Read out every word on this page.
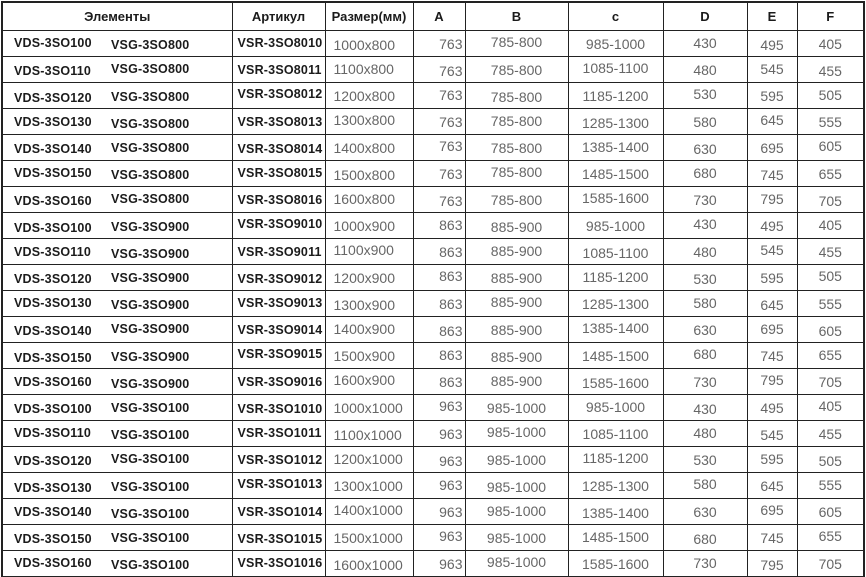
Элементы	Артикул	Размер(мм)	A	B	c	D	E	F
VDS-3SO100 VSG-3SO800	VSR-3SO8010	1000x800	763	785-800	985-1000	430	495	405
VDS-3SO110 VSG-3SO800	VSR-3SO8011	1100x800	763	785-800	1085-1100	480	545	455
VDS-3SO120 VSG-3SO800	VSR-3SO8012	1200x800	763	785-800	1185-1200	530	595	505
VDS-3SO130 VSG-3SO800	VSR-3SO8013	1300x800	763	785-800	1285-1300	580	645	555
VDS-3SO140 VSG-3SO800	VSR-3SO8014	1400x800	763	785-800	1385-1400	630	695	605
VDS-3SO150 VSG-3SO800	VSR-3SO8015	1500x800	763	785-800	1485-1500	680	745	655
VDS-3SO160 VSG-3SO800	VSR-3SO8016	1600x800	763	785-800	1585-1600	730	795	705
VDS-3SO100 VSG-3SO900	VSR-3SO9010	1000x900	863	885-900	985-1000	430	495	405
VDS-3SO110 VSG-3SO900	VSR-3SO9011	1100x900	863	885-900	1085-1100	480	545	455
VDS-3SO120 VSG-3SO900	VSR-3SO9012	1200x900	863	885-900	1185-1200	530	595	505
VDS-3SO130 VSG-3SO900	VSR-3SO9013	1300x900	863	885-900	1285-1300	580	645	555
VDS-3SO140 VSG-3SO900	VSR-3SO9014	1400x900	863	885-900	1385-1400	630	695	605
VDS-3SO150 VSG-3SO900	VSR-3SO9015	1500x900	863	885-900	1485-1500	680	745	655
VDS-3SO160 VSG-3SO900	VSR-3SO9016	1600x900	863	885-900	1585-1600	730	795	705
VDS-3SO100 VSG-3SO100	VSR-3SO1010	1000x1000	963	985-1000	985-1000	430	495	405
VDS-3SO110 VSG-3SO100	VSR-3SO1011	1100x1000	963	985-1000	1085-1100	480	545	455
VDS-3SO120 VSG-3SO100	VSR-3SO1012	1200x1000	963	985-1000	1185-1200	530	595	505
VDS-3SO130 VSG-3SO100	VSR-3SO1013	1300x1000	963	985-1000	1285-1300	580	645	555
VDS-3SO140 VSG-3SO100	VSR-3SO1014	1400x1000	963	985-1000	1385-1400	630	695	605
VDS-3SO150 VSG-3SO100	VSR-3SO1015	1500x1000	963	985-1000	1485-1500	680	745	655
VDS-3SO160 VSG-3SO100	VSR-3SO1016	1600x1000	963	985-1000	1585-1600	730	795	705
